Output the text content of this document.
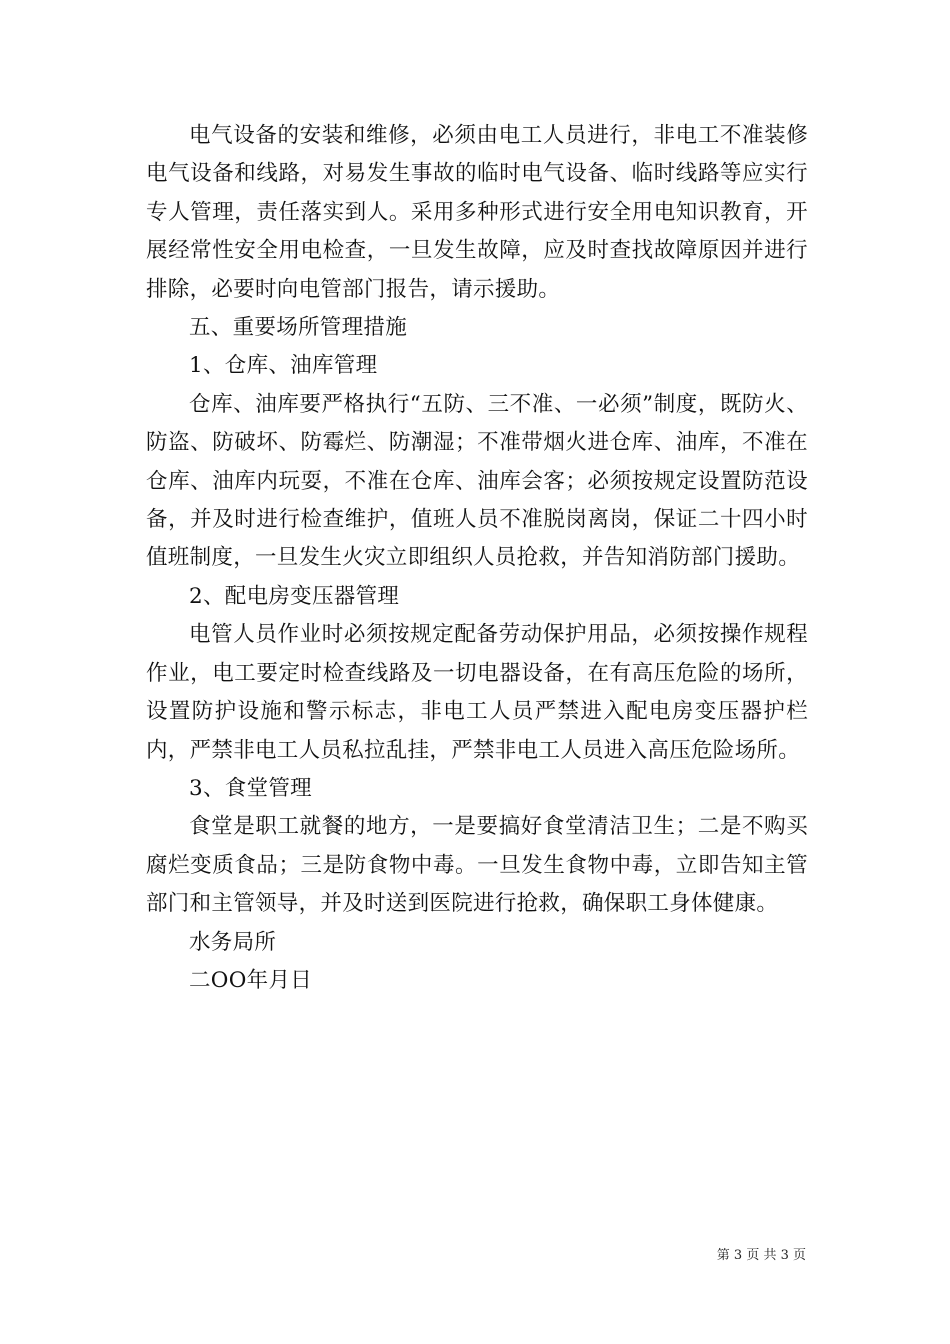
电气设备的安装和维修，必须由电工人员进行，非电工不准装修电气设备和线路，对易发生事故的临时电气设备、临时线路等应实行专人管理，责任落实到人。采用多种形式进行安全用电知识教育，开展经常性安全用电检查，一旦发生故障，应及时查找故障原因并进行排除，必要时向电管部门报告，请示援助。

五、重要场所管理措施

1、仓库、油库管理

仓库、油库要严格执行“五防、三不准、一必须”制度，既防火、防盗、防破坏、防霉烂、防潮湿；不准带烟火进仓库、油库，不准在仓库、油库内玩耍，不准在仓库、油库会客；必须按规定设置防范设备，并及时进行检查维护，值班人员不准脱岗离岗，保证二十四小时值班制度，一旦发生火灾立即组织人员抢救，并告知消防部门援助。

2、配电房变压器管理

电管人员作业时必须按规定配备劳动保护用品，必须按操作规程作业，电工要定时检查线路及一切电器设备，在有高压危险的场所，设置防护设施和警示标志，非电工人员严禁进入配电房变压器护栏内，严禁非电工人员私拉乱挂，严禁非电工人员进入高压危险场所。

3、食堂管理

食堂是职工就餐的地方，一是要搞好食堂清洁卫生；二是不购买腐烂变质食品；三是防食物中毒。一旦发生食物中毒，立即告知主管部门和主管领导，并及时送到医院进行抢救，确保职工身体健康。

水务局所

二OO年月日

第 3 页 共 3 页
